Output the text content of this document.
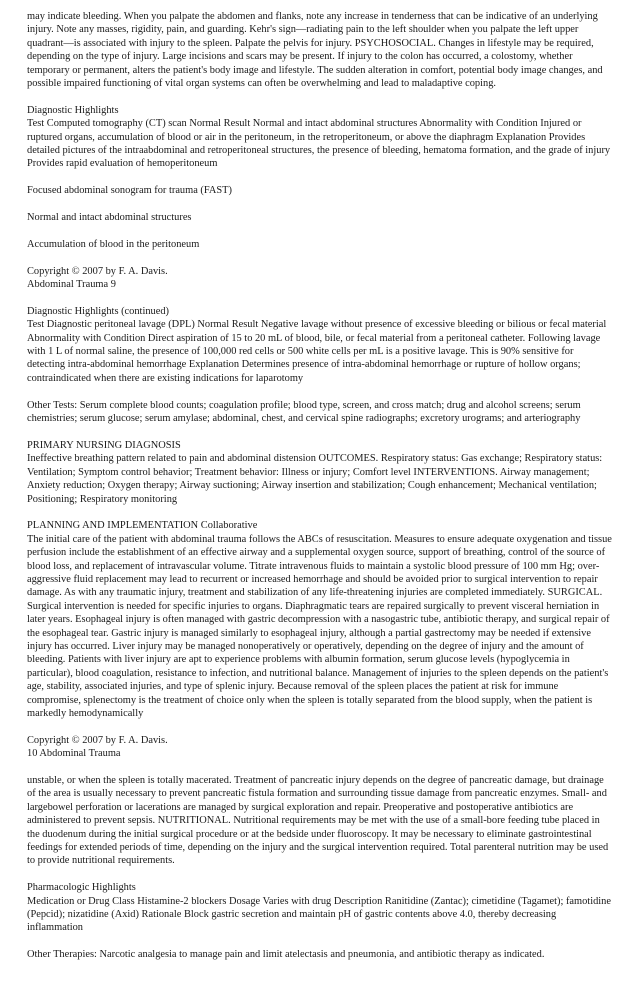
may indicate bleeding. When you palpate the abdomen and flanks, note any increase in tenderness that can be indicative of an underlying injury. Note any masses, rigidity, pain, and guarding. Kehr's sign—radiating pain to the left shoulder when you palpate the left upper quadrant—is associated with injury to the spleen. Palpate the pelvis for injury. PSYCHOSOCIAL. Changes in lifestyle may be required, depending on the type of injury. Large incisions and scars may be present. If injury to the colon has occurred, a colostomy, whether temporary or permanent, alters the patient's body image and lifestyle. The sudden alteration in comfort, potential body image changes, and possible impaired functioning of vital organ systems can often be overwhelming and lead to maladaptive coping.

Diagnostic Highlights
Test Computed tomography (CT) scan Normal Result Normal and intact abdominal structures Abnormality with Condition Injured or ruptured organs, accumulation of blood or air in the peritoneum, in the retroperitoneum, or above the diaphragm Explanation Provides detailed pictures of the intraabdominal and retroperitoneal structures, the presence of bleeding, hematoma formation, and the grade of injury Provides rapid evaluation of hemoperitoneum

Focused abdominal sonogram for trauma (FAST)

Normal and intact abdominal structures

Accumulation of blood in the peritoneum

Copyright © 2007 by F. A. Davis.
Abdominal Trauma 9

Diagnostic Highlights (continued)
Test Diagnostic peritoneal lavage (DPL) Normal Result Negative lavage without presence of excessive bleeding or bilious or fecal material Abnormality with Condition Direct aspiration of 15 to 20 mL of blood, bile, or fecal material from a peritoneal catheter. Following lavage with 1 L of normal saline, the presence of 100,000 red cells or 500 white cells per mL is a positive lavage. This is 90% sensitive for detecting intra-abdominal hemorrhage Explanation Determines presence of intra-abdominal hemorrhage or rupture of hollow organs; contraindicated when there are existing indications for laparotomy

Other Tests: Serum complete blood counts; coagulation profile; blood type, screen, and cross match; drug and alcohol screens; serum chemistries; serum glucose; serum amylase; abdominal, chest, and cervical spine radiographs; excretory urograms; and arteriography

PRIMARY NURSING DIAGNOSIS
Ineffective breathing pattern related to pain and abdominal distension OUTCOMES. Respiratory status: Gas exchange; Respiratory status: Ventilation; Symptom control behavior; Treatment behavior: Illness or injury; Comfort level INTERVENTIONS. Airway management; Anxiety reduction; Oxygen therapy; Airway suctioning; Airway insertion and stabilization; Cough enhancement; Mechanical ventilation; Positioning; Respiratory monitoring

PLANNING AND IMPLEMENTATION Collaborative
The initial care of the patient with abdominal trauma follows the ABCs of resuscitation. Measures to ensure adequate oxygenation and tissue perfusion include the establishment of an effective airway and a supplemental oxygen source, support of breathing, control of the source of blood loss, and replacement of intravascular volume. Titrate intravenous fluids to maintain a systolic blood pressure of 100 mm Hg; over-aggressive fluid replacement may lead to recurrent or increased hemorrhage and should be avoided prior to surgical intervention to repair damage. As with any traumatic injury, treatment and stabilization of any life-threatening injuries are completed immediately. SURGICAL. Surgical intervention is needed for specific injuries to organs. Diaphragmatic tears are repaired surgically to prevent visceral herniation in later years. Esophageal injury is often managed with gastric decompression with a nasogastric tube, antibiotic therapy, and surgical repair of the esophageal tear. Gastric injury is managed similarly to esophageal injury, although a partial gastrectomy may be needed if extensive injury has occurred. Liver injury may be managed nonoperatively or operatively, depending on the degree of injury and the amount of bleeding. Patients with liver injury are apt to experience problems with albumin formation, serum glucose levels (hypoglycemia in particular), blood coagulation, resistance to infection, and nutritional balance. Management of injuries to the spleen depends on the patient's age, stability, associated injuries, and type of splenic injury. Because removal of the spleen places the patient at risk for immune compromise, splenectomy is the treatment of choice only when the spleen is totally separated from the blood supply, when the patient is markedly hemodynamically

Copyright © 2007 by F. A. Davis.
10 Abdominal Trauma

unstable, or when the spleen is totally macerated. Treatment of pancreatic injury depends on the degree of pancreatic damage, but drainage of the area is usually necessary to prevent pancreatic fistula formation and surrounding tissue damage from pancreatic enzymes. Small- and largebowel perforation or lacerations are managed by surgical exploration and repair. Preoperative and postoperative antibiotics are administered to prevent sepsis. NUTRITIONAL. Nutritional requirements may be met with the use of a small-bore feeding tube placed in the duodenum during the initial surgical procedure or at the bedside under fluoroscopy. It may be necessary to eliminate gastrointestinal feedings for extended periods of time, depending on the injury and the surgical intervention required. Total parenteral nutrition may be used to provide nutritional requirements.

Pharmacologic Highlights
Medication or Drug Class Histamine-2 blockers Dosage Varies with drug Description Ranitidine (Zantac); cimetidine (Tagamet); famotidine (Pepcid); nizatidine (Axid) Rationale Block gastric secretion and maintain pH of gastric contents above 4.0, thereby decreasing inflammation

Other Therapies: Narcotic analgesia to manage pain and limit atelectasis and pneumonia, and antibiotic therapy as indicated.
